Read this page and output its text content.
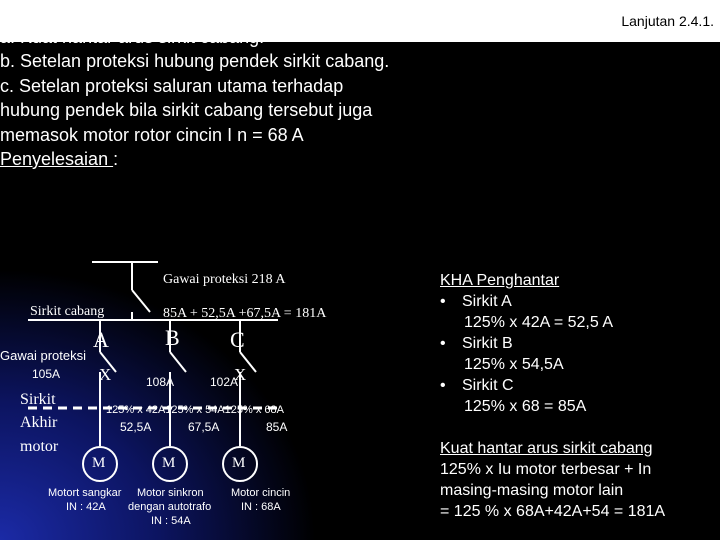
Lanjutan 2.4.1.
b. Setelan proteksi hubung pendek sirkit cabang.
c. Setelan proteksi saluran utama terhadap
hubung pendek bila sirkit cabang tersebut juga
memasok motor rotor cincin I n = 68 A
Penyelesaian :
Gawai proteksi 218 A
Sirkit cabang	85A + 52,5A +67,5A = 181A
A	B C
Gawai proteksi
105A X	X
108A	102A
Sirkit
Akhir
motor
125% x 42A125% x 54A125% x 68A
52,5A	67,5A	85A
M	M	M
Motort sangkar
IN : 42A
Motor sinkron
dengan autotrafo
IN : 54A
Motor cincin
IN : 68A
KHA Penghantar
• Sirkit A
125% x 42A = 52,5 A
• Sirkit B
125% x 54,5A
• Sirkit C
125% x 68 = 85A
Kuat hantar arus sirkit cabang
125% x Iu motor terbesar + In
masing-masing motor lain
= 125 % x 68A+42A+54 = 181A
